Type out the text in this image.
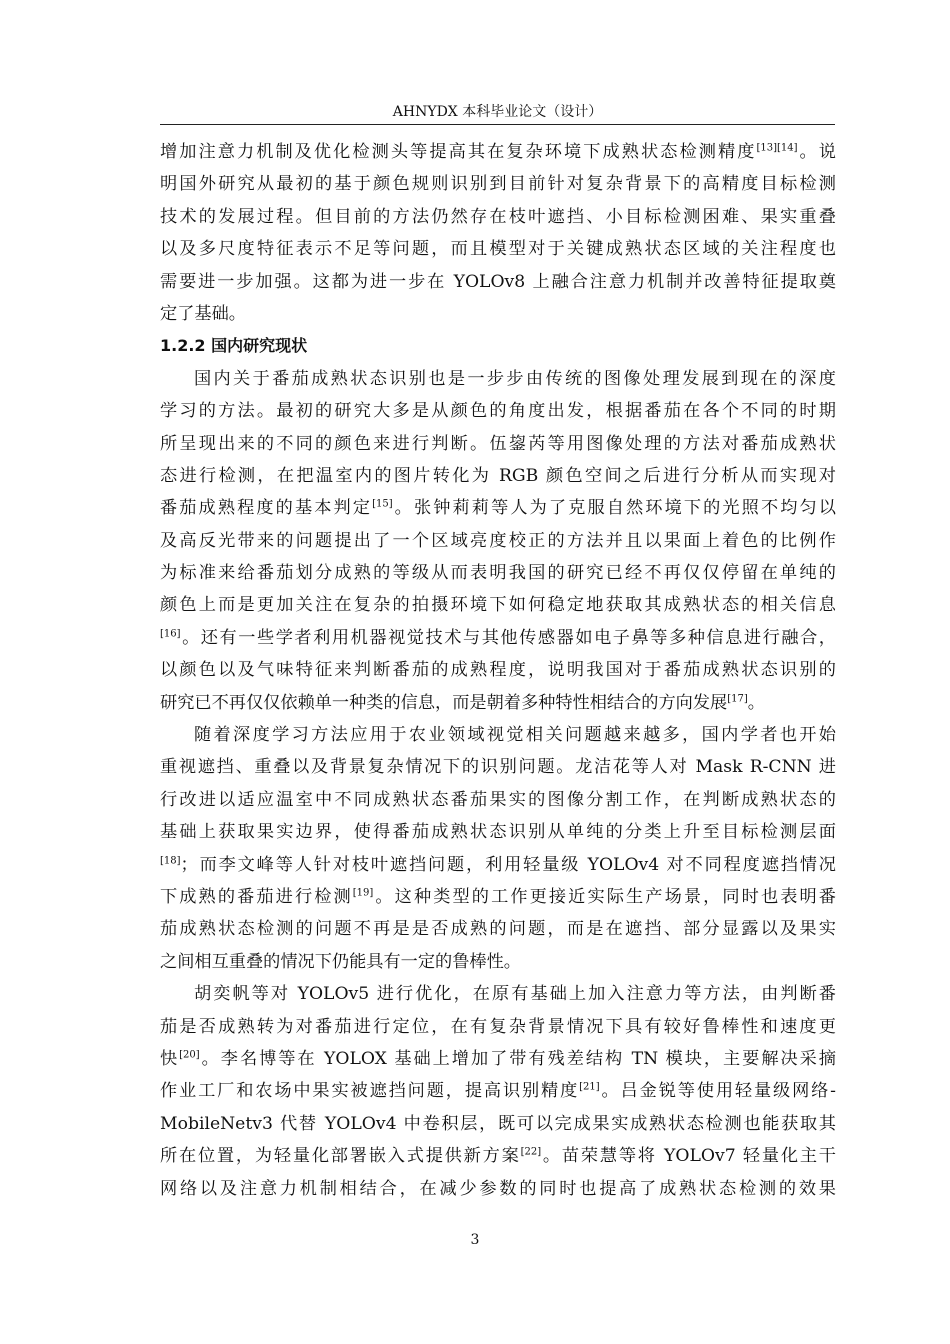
AHNYDX 本科毕业论文（设计）
增加注意力机制及优化检测头等提高其在复杂环境下成熟状态检测精度[13][14]。说
明国外研究从最初的基于颜色规则识别到目前针对复杂背景下的高精度目标检测
技术的发展过程。但目前的方法仍然存在枝叶遮挡、小目标检测困难、果实重叠
以及多尺度特征表示不足等问题，而且模型对于关键成熟状态区域的关注程度也
需要进一步加强。这都为进一步在 YOLOv8 上融合注意力机制并改善特征提取奠
定了基础。
1.2.2 国内研究现状
国内关于番茄成熟状态识别也是一步步由传统的图像处理发展到现在的深度
学习的方法。最初的研究大多是从颜色的角度出发，根据番茄在各个不同的时期
所呈现出来的不同的颜色来进行判断。伍鋆芮等用图像处理的方法对番茄成熟状
态进行检测，在把温室内的图片转化为 RGB 颜色空间之后进行分析从而实现对
番茄成熟程度的基本判定[15]。张钟莉莉等人为了克服自然环境下的光照不均匀以
及高反光带来的问题提出了一个区域亮度校正的方法并且以果面上着色的比例作
为标准来给番茄划分成熟的等级从而表明我国的研究已经不再仅仅停留在单纯的
颜色上而是更加关注在复杂的拍摄环境下如何稳定地获取其成熟状态的相关信息
[16]。还有一些学者利用机器视觉技术与其他传感器如电子鼻等多种信息进行融合，
以颜色以及气味特征来判断番茄的成熟程度，说明我国对于番茄成熟状态识别的
研究已不再仅仅依赖单一种类的信息，而是朝着多种特性相结合的方向发展[17]。
随着深度学习方法应用于农业领域视觉相关问题越来越多，国内学者也开始
重视遮挡、重叠以及背景复杂情况下的识别问题。龙洁花等人对 Mask R-CNN 进
行改进以适应温室中不同成熟状态番茄果实的图像分割工作，在判断成熟状态的
基础上获取果实边界，使得番茄成熟状态识别从单纯的分类上升至目标检测层面
[18]；而李文峰等人针对枝叶遮挡问题，利用轻量级 YOLOv4 对不同程度遮挡情况
下成熟的番茄进行检测[19]。这种类型的工作更接近实际生产场景，同时也表明番
茄成熟状态检测的问题不再是是否成熟的问题，而是在遮挡、部分显露以及果实
之间相互重叠的情况下仍能具有一定的鲁棒性。
胡奕帆等对 YOLOv5 进行优化，在原有基础上加入注意力等方法，由判断番
茄是否成熟转为对番茄进行定位，在有复杂背景情况下具有较好鲁棒性和速度更
快[20]。李名博等在 YOLOX 基础上增加了带有残差结构 TN 模块，主要解决采摘
作业工厂和农场中果实被遮挡问题，提高识别精度[21]。吕金锐等使用轻量级网络-
MobileNetv3 代替 YOLOv4 中卷积层，既可以完成果实成熟状态检测也能获取其
所在位置，为轻量化部署嵌入式提供新方案[22]。苗荣慧等将 YOLOv7 轻量化主干
网络以及注意力机制相结合，在减少参数的同时也提高了成熟状态检测的效果
3
